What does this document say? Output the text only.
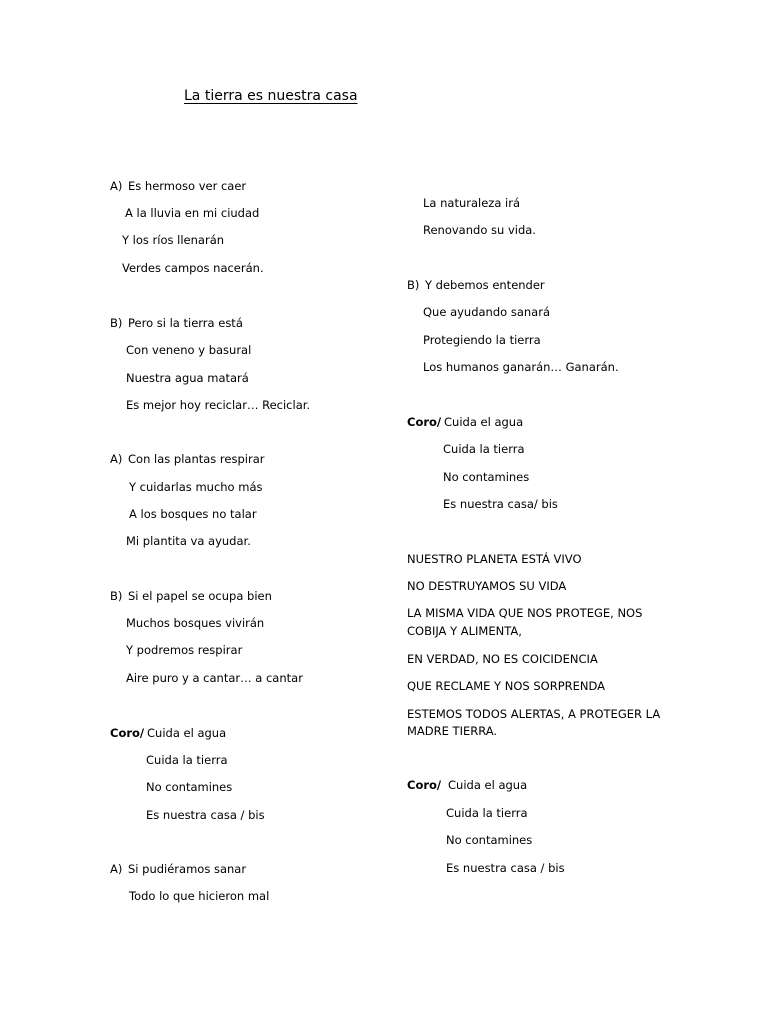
La tierra es nuestra casa
A) Es hermoso ver caer
A la lluvia en mi ciudad
Y los ríos llenarán
Verdes campos nacerán.
B) Pero si la tierra está
Con veneno y basural
Nuestra agua matará
Es mejor hoy reciclar… Reciclar.
A) Con las plantas respirar
Y cuidarlas mucho más
A los bosques no talar
Mi plantita va ayudar.
B) Si el papel se ocupa bien
Muchos bosques vivirán
Y podremos respirar
Aire puro y a cantar… a cantar
Coro/ Cuida el agua
Cuida la tierra
No contamines
Es nuestra casa / bis
A) Si pudiéramos sanar
Todo lo que hicieron mal
La naturaleza irá
Renovando su vida.
B) Y debemos entender
Que ayudando sanará
Protegiendo la tierra
Los humanos ganarán… Ganarán.
Coro/ Cuida el agua
Cuida la tierra
No contamines
Es nuestra casa/ bis
NUESTRO PLANETA ESTÁ VIVO
NO DESTRUYAMOS SU VIDA
LA MISMA VIDA QUE NOS PROTEGE, NOS
COBIJA Y ALIMENTA,
EN VERDAD, NO ES COICIDENCIA
QUE RECLAME Y NOS SORPRENDA
ESTEMOS TODOS ALERTAS, A PROTEGER LA
MADRE TIERRA.
Coro/ Cuida el agua
Cuida la tierra
No contamines
Es nuestra casa / bis
